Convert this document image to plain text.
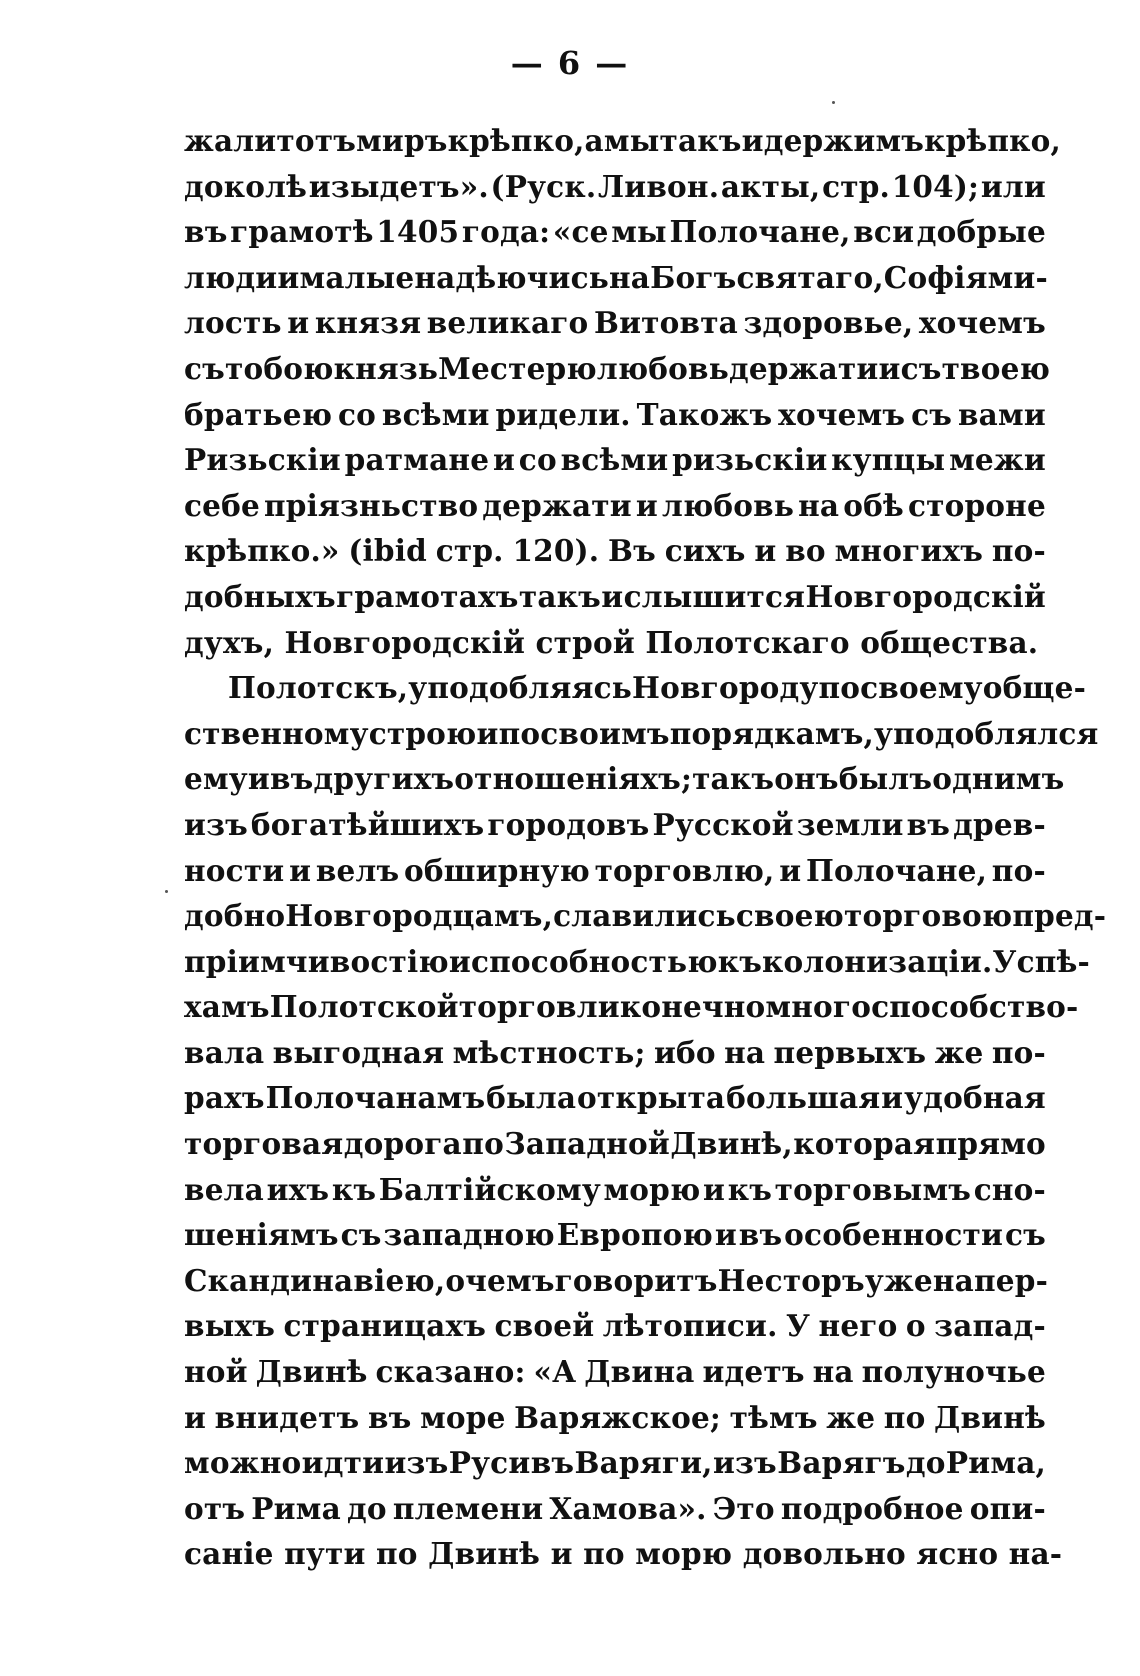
— 6 —
жали тотъ миръ крѣпко, а мы такъ и держимъ крѣпко,
доколѣ изыдетъ». (Руск. Ливон. акты, стр. 104); или
въ грамотѣ 1405 года: «се мы Полочане, вси добрые
люди и малые надѣючись на Богъ святаго, Софія ми-
лость и князя великаго Витовта здоровье, хочемъ
съ тобою князь Местерю любовь держати и съ твоею
братьею со всѣми ридели. Такожъ хочемъ съ вами
Ризьскіи ратмане и со всѣми ризьскіи купцы межи
себе пріязньство держати и любовь на обѣ стороне
крѣпко.» (ibid стр. 120). Въ сихъ и во многихъ по-
добныхъ грамотахъ такъ и слышится Новгородскій
духъ, Новгородскій строй Полотскаго общества.
Полотскъ, уподобляясь Новгороду по своему обще-
ственному строю и по своимъ порядкамъ, уподоблялся
ему и въ другихъ отношеніяхъ; такъ онъ былъ однимъ
изъ богатѣйшихъ городовъ Русской земли въ древ-
ности и велъ обширную торговлю, и Полочане, по-
добно Новгородцамъ, славились своею торговою пред-
пріимчивостію и способностью къ колонизаціи. Успѣ-
хамъ Полотской торговли конечно много способство-
вала выгодная мѣстность; ибо на первыхъ же по-
рахъ Полочанамъ была открыта большая и удобная
торговая дорога по Западной Двинѣ, которая прямо
вела ихъ къ Балтійскому морю и къ торговымъ сно-
шеніямъ съ западною Европою и въ особенности съ
Скандинавіею, о чемъ говоритъ Несторъ уже на пер-
выхъ страницахъ своей лѣтописи. У него о запад-
ной Двинѣ сказано: «А Двина идетъ на полуночье
и внидетъ въ море Варяжское; тѣмъ же по Двинѣ
можно идти изъ Руси въ Варяги, изъ Варягъ до Рима,
отъ Рима до племени Хамова». Это подробное опи-
саніе пути по Двинѣ и по морю довольно ясно на-
